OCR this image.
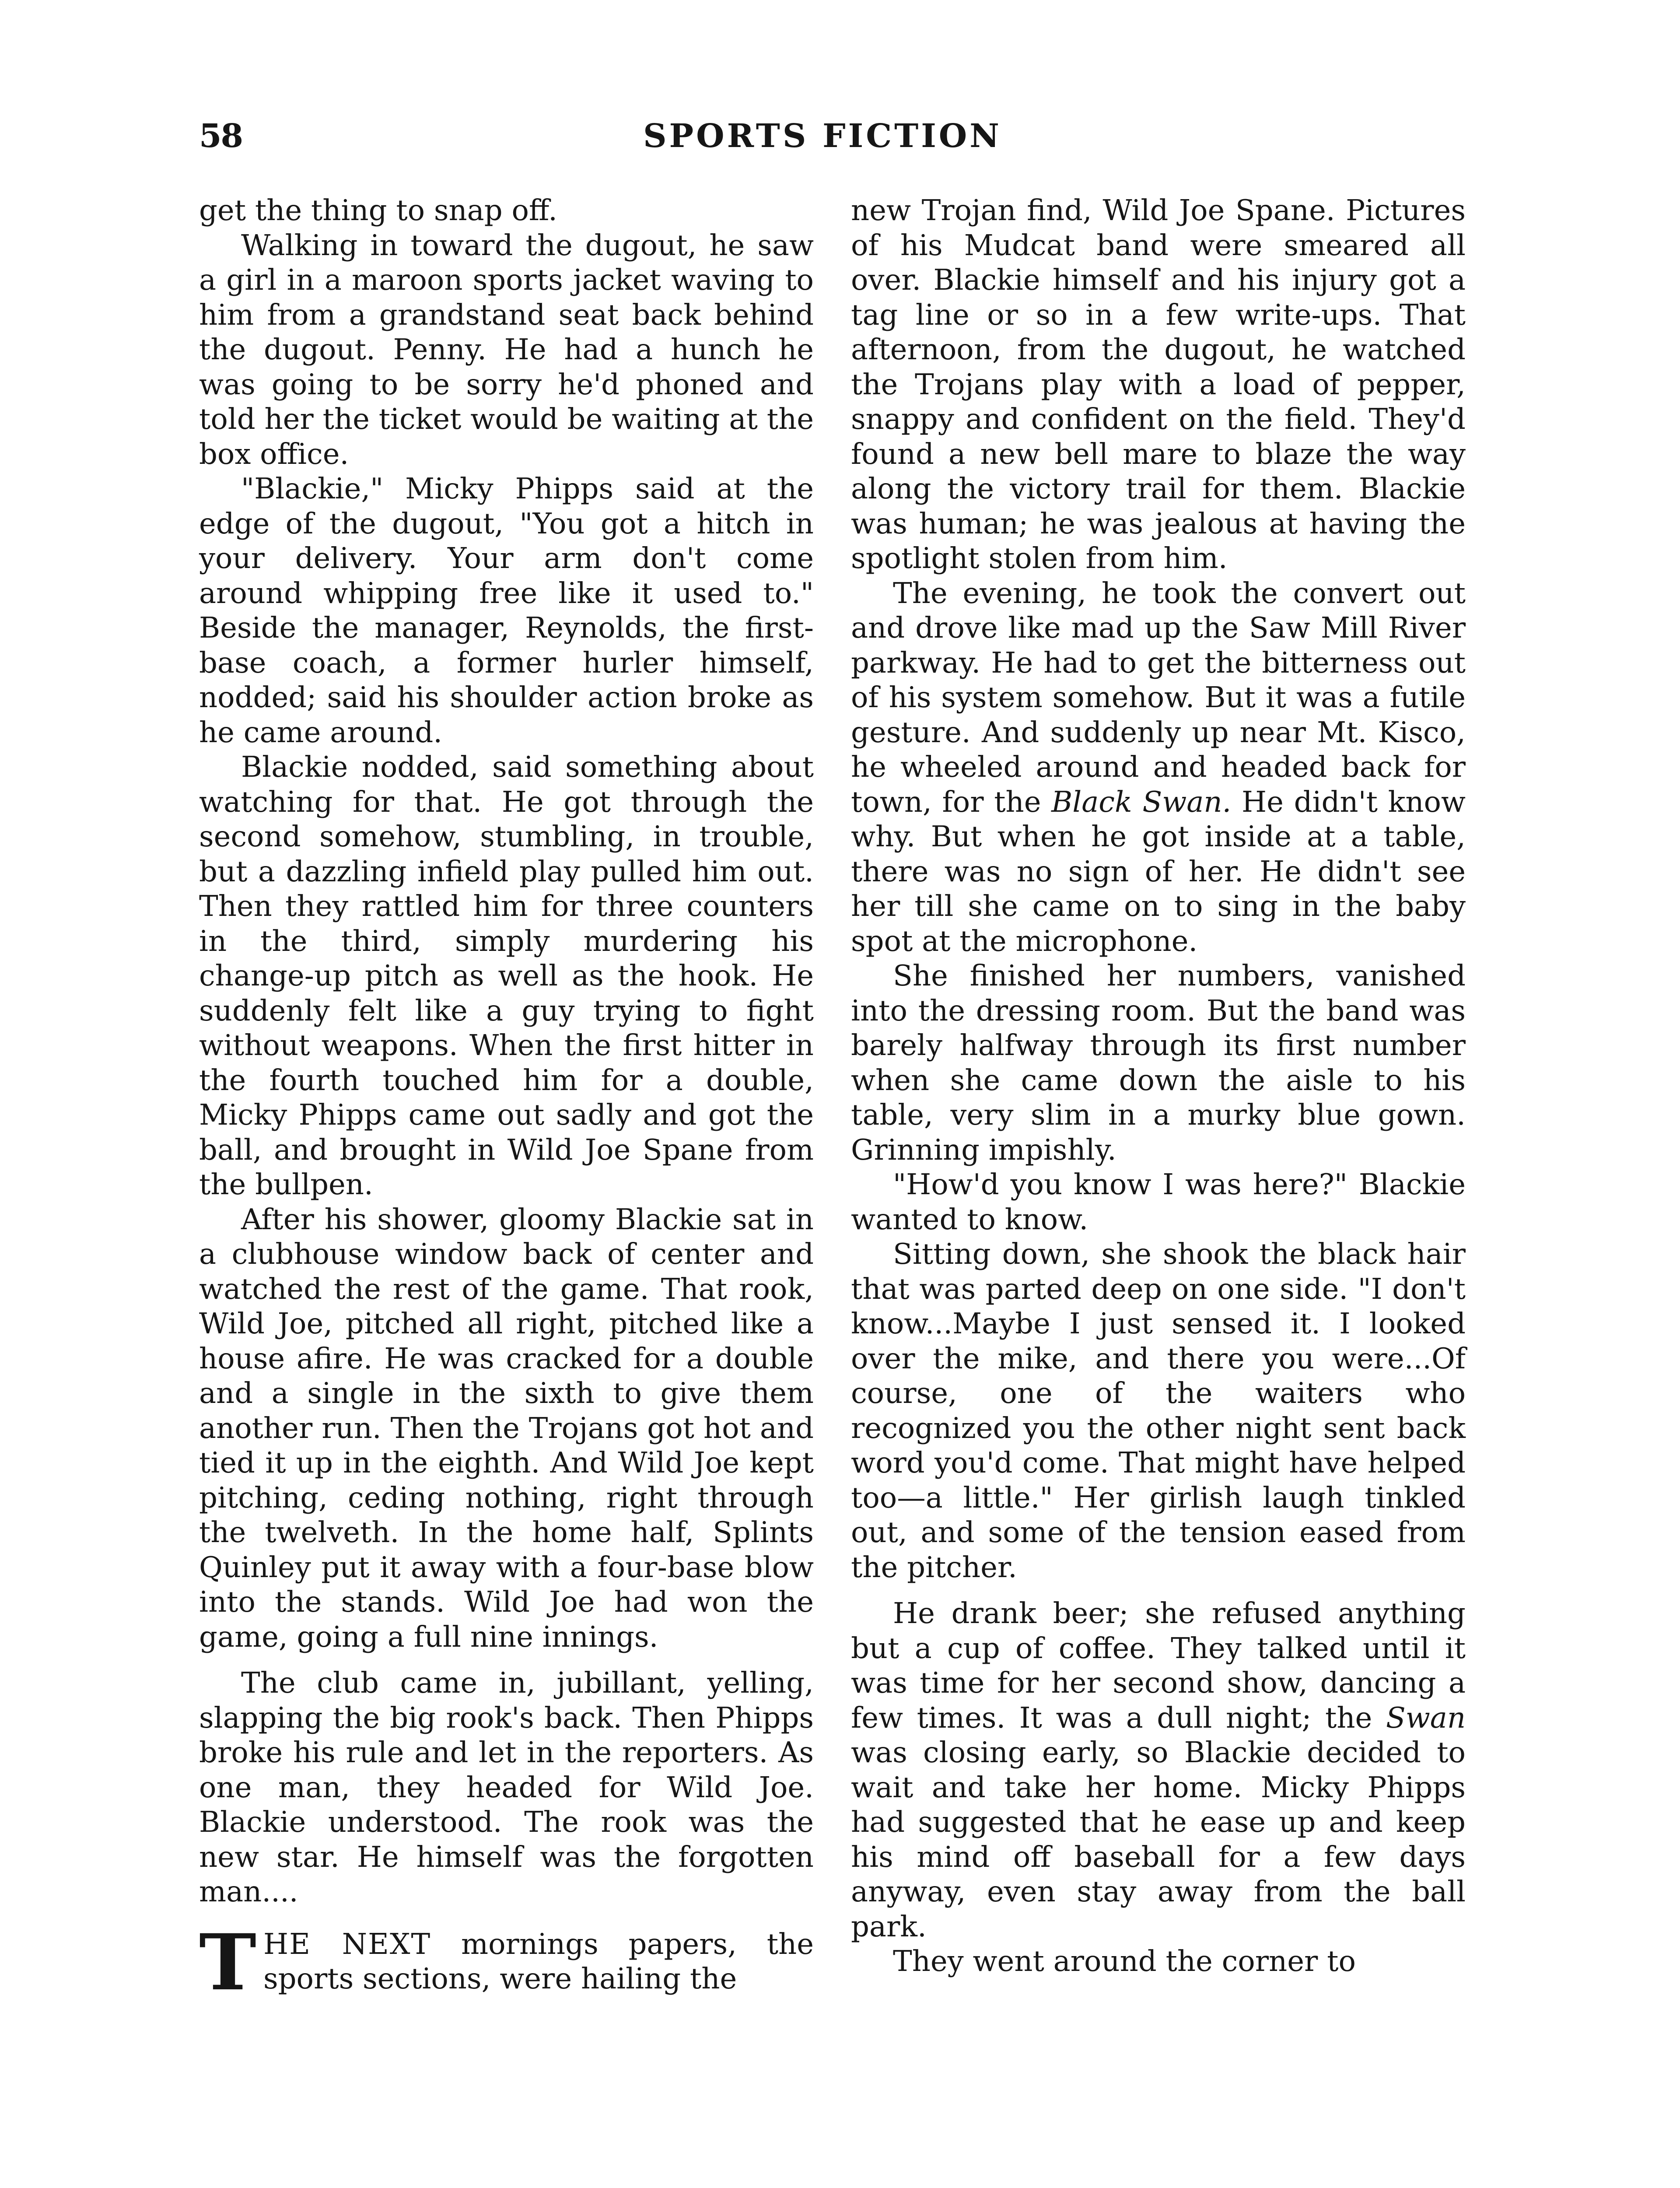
58	SPORTS FICTION

get the thing to snap off.

Walking in toward the dugout, he saw a girl in a maroon sports jacket waving to him from a grandstand seat back behind the dugout. Penny. He had a hunch he was going to be sorry he'd phoned and told her the ticket would be waiting at the box office.

"Blackie," Micky Phipps said at the edge of the dugout, "You got a hitch in your delivery. Your arm don't come around whipping free like it used to." Beside the manager, Reynolds, the first-base coach, a former hurler himself, nodded; said his shoulder action broke as he came around.

Blackie nodded, said something about watching for that. He got through the second somehow, stumbling, in trouble, but a dazzling infield play pulled him out. Then they rattled him for three counters in the third, simply murdering his change-up pitch as well as the hook. He suddenly felt like a guy trying to fight without weapons. When the first hitter in the fourth touched him for a double, Micky Phipps came out sadly and got the ball, and brought in Wild Joe Spane from the bullpen.

After his shower, gloomy Blackie sat in a clubhouse window back of center and watched the rest of the game. That rook, Wild Joe, pitched all right, pitched like a house afire. He was cracked for a double and a single in the sixth to give them another run. Then the Trojans got hot and tied it up in the eighth. And Wild Joe kept pitching, ceding nothing, right through the twelveth. In the home half, Splints Quinley put it away with a four-base blow into the stands. Wild Joe had won the game, going a full nine innings.

The club came in, jubillant, yelling, slapping the big rook's back. Then Phipps broke his rule and let in the reporters. As one man, they headed for Wild Joe. Blackie understood. The rook was the new star. He himself was the forgotten man....

THE NEXT mornings papers, the sports sections, were hailing the

new Trojan find, Wild Joe Spane. Pictures of his Mudcat band were smeared all over. Blackie himself and his injury got a tag line or so in a few write-ups. That afternoon, from the dugout, he watched the Trojans play with a load of pepper, snappy and confident on the field. They'd found a new bell mare to blaze the way along the victory trail for them. Blackie was human; he was jealous at having the spotlight stolen from him.

The evening, he took the convert out and drove like mad up the Saw Mill River parkway. He had to get the bitterness out of his system somehow. But it was a futile gesture. And suddenly up near Mt. Kisco, he wheeled around and headed back for town, for the Black Swan. He didn't know why. But when he got inside at a table, there was no sign of her. He didn't see her till she came on to sing in the baby spot at the microphone.

She finished her numbers, vanished into the dressing room. But the band was barely halfway through its first number when she came down the aisle to his table, very slim in a murky blue gown. Grinning impishly.

"How'd you know I was here?" Blackie wanted to know.

Sitting down, she shook the black hair that was parted deep on one side. "I don't know...Maybe I just sensed it. I looked over the mike, and there you were...Of course, one of the waiters who recognized you the other night sent back word you'd come. That might have helped too—a little." Her girlish laugh tinkled out, and some of the tension eased from the pitcher.

He drank beer; she refused anything but a cup of coffee. They talked until it was time for her second show, dancing a few times. It was a dull night; the Swan was closing early, so Blackie decided to wait and take her home. Micky Phipps had suggested that he ease up and keep his mind off baseball for a few days anyway, even stay away from the ball park.

They went around the corner to
